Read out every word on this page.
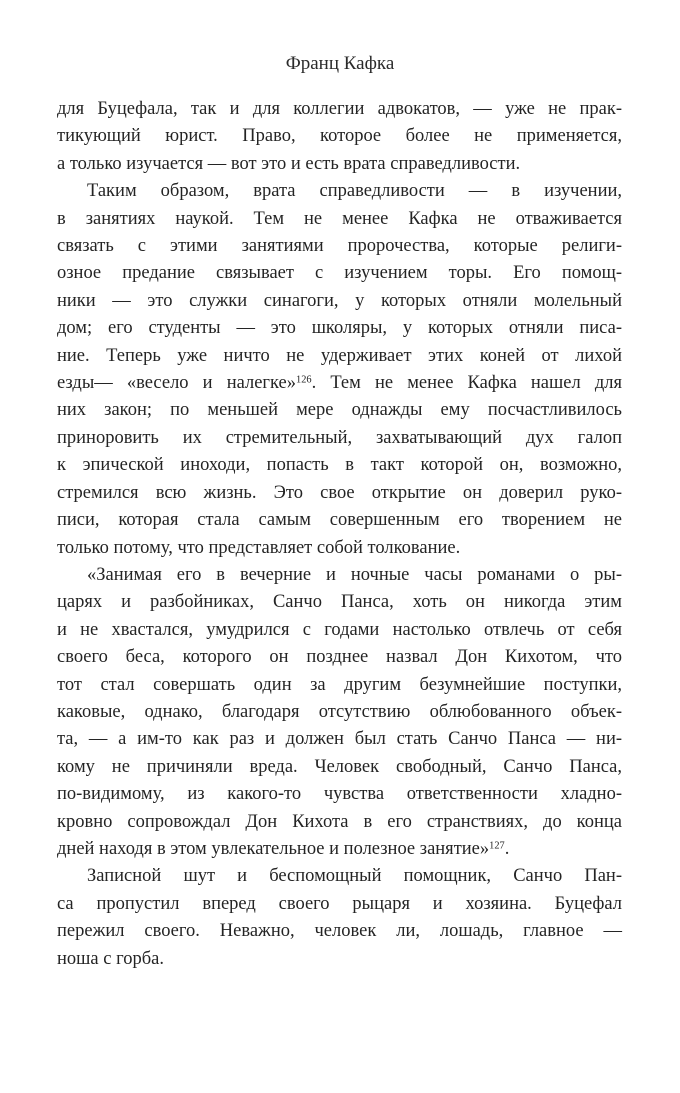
Франц Кафка
для Буцефала, так и для коллегии адвокатов, — уже не прак-
тикующий юрист. Право, которое более не применяется,
а только изучается — вот это и есть врата справедливости.
Таким образом, врата справедливости — в изучении,
в занятиях наукой. Тем не менее Кафка не отваживается
связать с этими занятиями пророчества, которые религи-
озное предание связывает с изучением торы. Его помощ-
ники — это служки синагоги, у которых отняли молельный
дом; его студенты — это школяры, у которых отняли писа-
ние. Теперь уже ничто не удерживает этих коней от лихой
езды— «весело и налегке»$^{126}$. Тем не менее Кафка нашел для
них закон; по меньшей мере однажды ему посчастливилось
приноровить их стремительный, захватывающий дух галоп
к эпической иноходи, попасть в такт которой он, возможно,
стремился всю жизнь. Это свое открытие он доверил руко-
писи, которая стала самым совершенным его творением не
только потому, что представляет собой толкование.
«Занимая его в вечерние и ночные часы романами о ры-
царях и разбойниках, Санчо Панса, хоть он никогда этим
и не хвастался, умудрился с годами настолько отвлечь от себя
своего беса, которого он позднее назвал Дон Кихотом, что
тот стал совершать один за другим безумнейшие поступки,
каковые, однако, благодаря отсутствию облюбованного объек-
та, — а им-то как раз и должен был стать Санчо Панса — ни-
кому не причиняли вреда. Человек свободный, Санчо Панса,
по-видимому, из какого-то чувства ответственности хладно-
кровно сопровождал Дон Кихота в его странствиях, до конца
дней находя в этом увлекательное и полезное занятие»$^{127}$.
Записной шут и беспомощный помощник, Санчо Пан-
са пропустил вперед своего рыцаря и хозяина. Буцефал
пережил своего. Неважно, человек ли, лошадь, главное —
ноша с горба.
